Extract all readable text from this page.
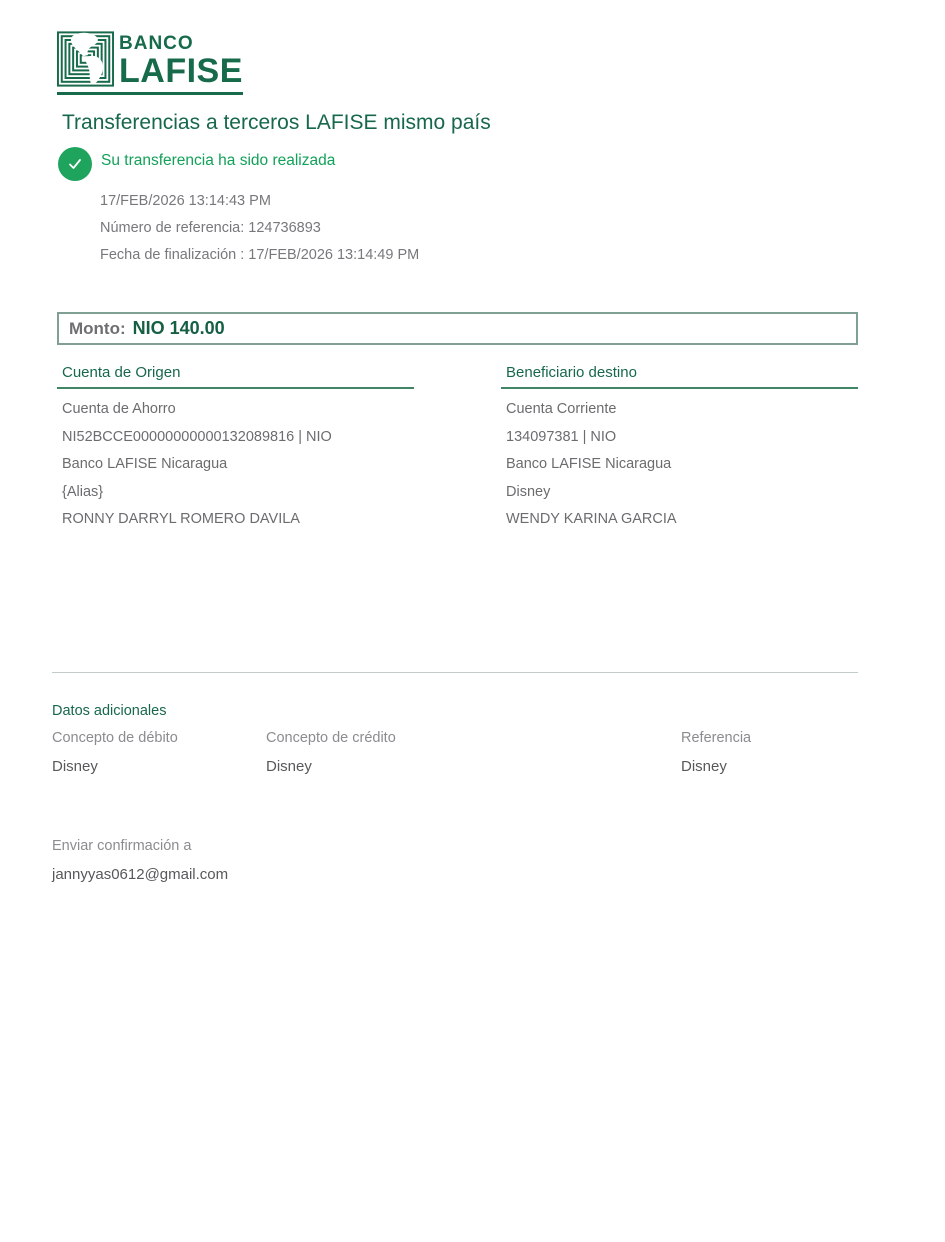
BANCO
LAFISE
Transferencias a terceros LAFISE mismo país
Su transferencia ha sido realizada
17/FEB/2026 13:14:43 PM
Número de referencia: 124736893
Fecha de finalización : 17/FEB/2026 13:14:49 PM
Monto: NIO 140.00
Cuenta de Origen
Cuenta de Ahorro
NI52BCCE00000000000132089816 | NIO
Banco LAFISE Nicaragua
{Alias}
RONNY DARRYL ROMERO DAVILA
Beneficiario destino
Cuenta Corriente
134097381 | NIO
Banco LAFISE Nicaragua
Disney
WENDY KARINA GARCIA
Datos adicionales
Concepto de débito
Disney
Concepto de crédito
Disney
Referencia
Disney
Enviar confirmación a
jannyyas0612@gmail.com
